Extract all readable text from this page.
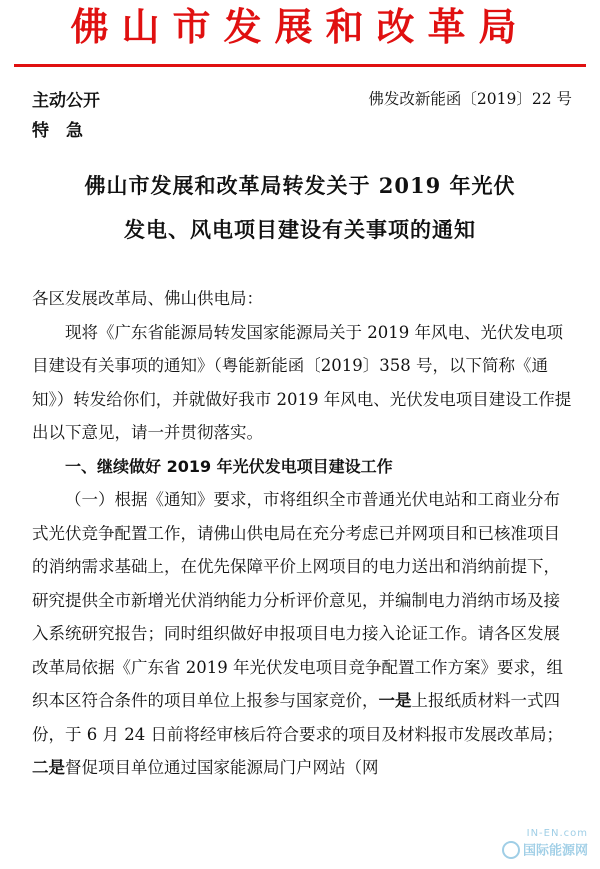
佛山市发展和改革局
主动公开
特　急
佛发改新能函〔2019〕22 号
佛山市发展和改革局转发关于 2019 年光伏
发电、风电项目建设有关事项的通知

各区发展改革局、佛山供电局：

现将《广东省能源局转发国家能源局关于 2019 年风电、光伏发电项目建设有关事项的通知》（粤能新能函〔2019〕358 号，以下简称《通知》）转发给你们，并就做好我市 2019 年风电、光伏发电项目建设工作提出以下意见，请一并贯彻落实。

一、继续做好 2019 年光伏发电项目建设工作

（一）根据《通知》要求，市将组织全市普通光伏电站和工商业分布式光伏竞争配置工作，请佛山供电局在充分考虑已并网项目和已核准项目的消纳需求基础上，在优先保障平价上网项目的电力送出和消纳前提下，研究提供全市新增光伏消纳能力分析评价意见，并编制电力消纳市场及接入系统研究报告；同时组织做好申报项目电力接入论证工作。请各区发展改革局依据《广东省 2019 年光伏发电项目竞争配置工作方案》要求，组织本区符合条件的项目单位上报参与国家竞价，一是上报纸质材料一式四份，于 6 月 24 日前将经审核后符合要求的项目及材料报市发展改革局；二是督促项目单位通过国家能源局门户网站（网

IN-EN.com
国际能源网
